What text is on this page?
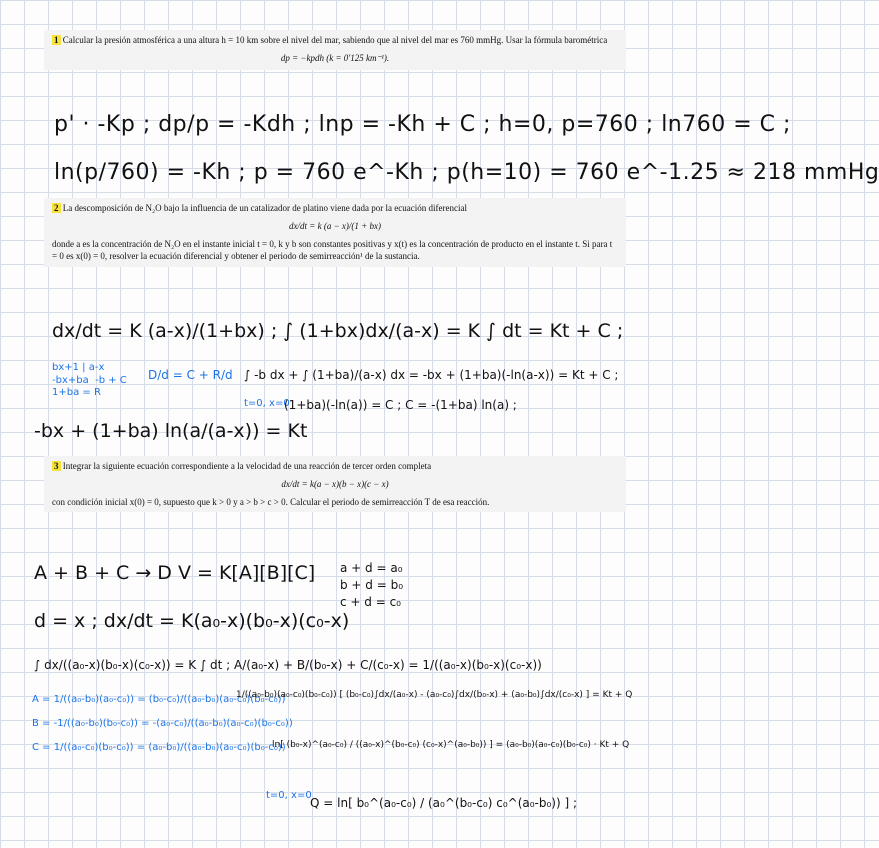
1 Calcular la presión atmosférica a una altura h = 10 km sobre el nivel del mar, sabiendo que al nivel del mar es 760 mmHg. Usar la fórmula barométrica
dp = −kpdh (k = 0′125 km⁻¹).
p' · -Kp ; dp/p = -Kdh ; lnp = -Kh + C ; h=0, p=760 ; ln760 = C ;
ln(p/760) = -Kh ; p = 760 e^-Kh ; p(h=10) = 760 e^-1.25 ≈ 218 mmHg
2 La descomposición de N₂O bajo la influencia de un catalizador de platino viene dada por la ecuación diferencial
dx/dt = k (a − x)/(1 + bx)
donde a es la concentración de N₂O en el instante inicial t = 0, k y b son constantes positivas y x(t) es la concentración de producto en el instante t. Si para t = 0 es x(0) = 0, resolver la ecuación diferencial y obtener el periodo de semirreacción¹ de la sustancia.
dx/dt = K (a-x)/(1+bx) ; ∫ (1+bx)dx/(a-x) = K ∫ dt = Kt + C ;
bx+1 | a-x
-bx+ba  -b + C
1+ba = R
D/d = C + R/d ∫ -b dx + ∫ (1+ba)/(a-x) dx = -bx + (1+ba)(-ln(a-x)) = Kt + C ;
t=0, x=0
(1+ba)(-ln(a)) = C ; C = -(1+ba) ln(a) ;
-bx + (1+ba) ln(a/(a-x)) = Kt
3 Integrar la siguiente ecuación correspondiente a la velocidad de una reacción de tercer orden completa
dx/dt = k(a − x)(b − x)(c − x)
con condición inicial x(0) = 0, supuesto que k > 0 y a > b > c > 0. Calcular el periodo de semirreacción T de esa reacción.
A + B + C → D V = K[A][B][C] a + d = a₀
b + d = b₀
c + d = c₀
d = x ; dx/dt = K(a₀-x)(b₀-x)(c₀-x)
∫ dx/((a₀-x)(b₀-x)(c₀-x)) = K ∫ dt ; A/(a₀-x) + B/(b₀-x) + C/(c₀-x) = 1/((a₀-x)(b₀-x)(c₀-x))
A = 1/((a₀-b₀)(a₀-c₀)) = (b₀-c₀)/((a₀-b₀)(a₀-c₀)(b₀-c₀))
B = -1/((a₀-b₀)(b₀-c₀)) = -(a₀-c₀)/((a₀-b₀)(a₀-c₀)(b₀-c₀))
C = 1/((a₀-c₀)(b₀-c₀)) = (a₀-b₀)/((a₀-b₀)(a₀-c₀)(b₀-c₀))
1/((a₀-b₀)(a₀-c₀)(b₀-c₀)) [ (b₀-c₀)∫dx/(a₀-x) - (a₀-c₀)∫dx/(b₀-x) + (a₀-b₀)∫dx/(c₀-x) ] = Kt + Q
ln[ (b₀-x)^(a₀-c₀) / ((a₀-x)^(b₀-c₀) (c₀-x)^(a₀-b₀)) ] = (a₀-b₀)(a₀-c₀)(b₀-c₀) · Kt + Q
t=0, x=0
Q = ln[ b₀^(a₀-c₀) / (a₀^(b₀-c₀) c₀^(a₀-b₀)) ] ;
